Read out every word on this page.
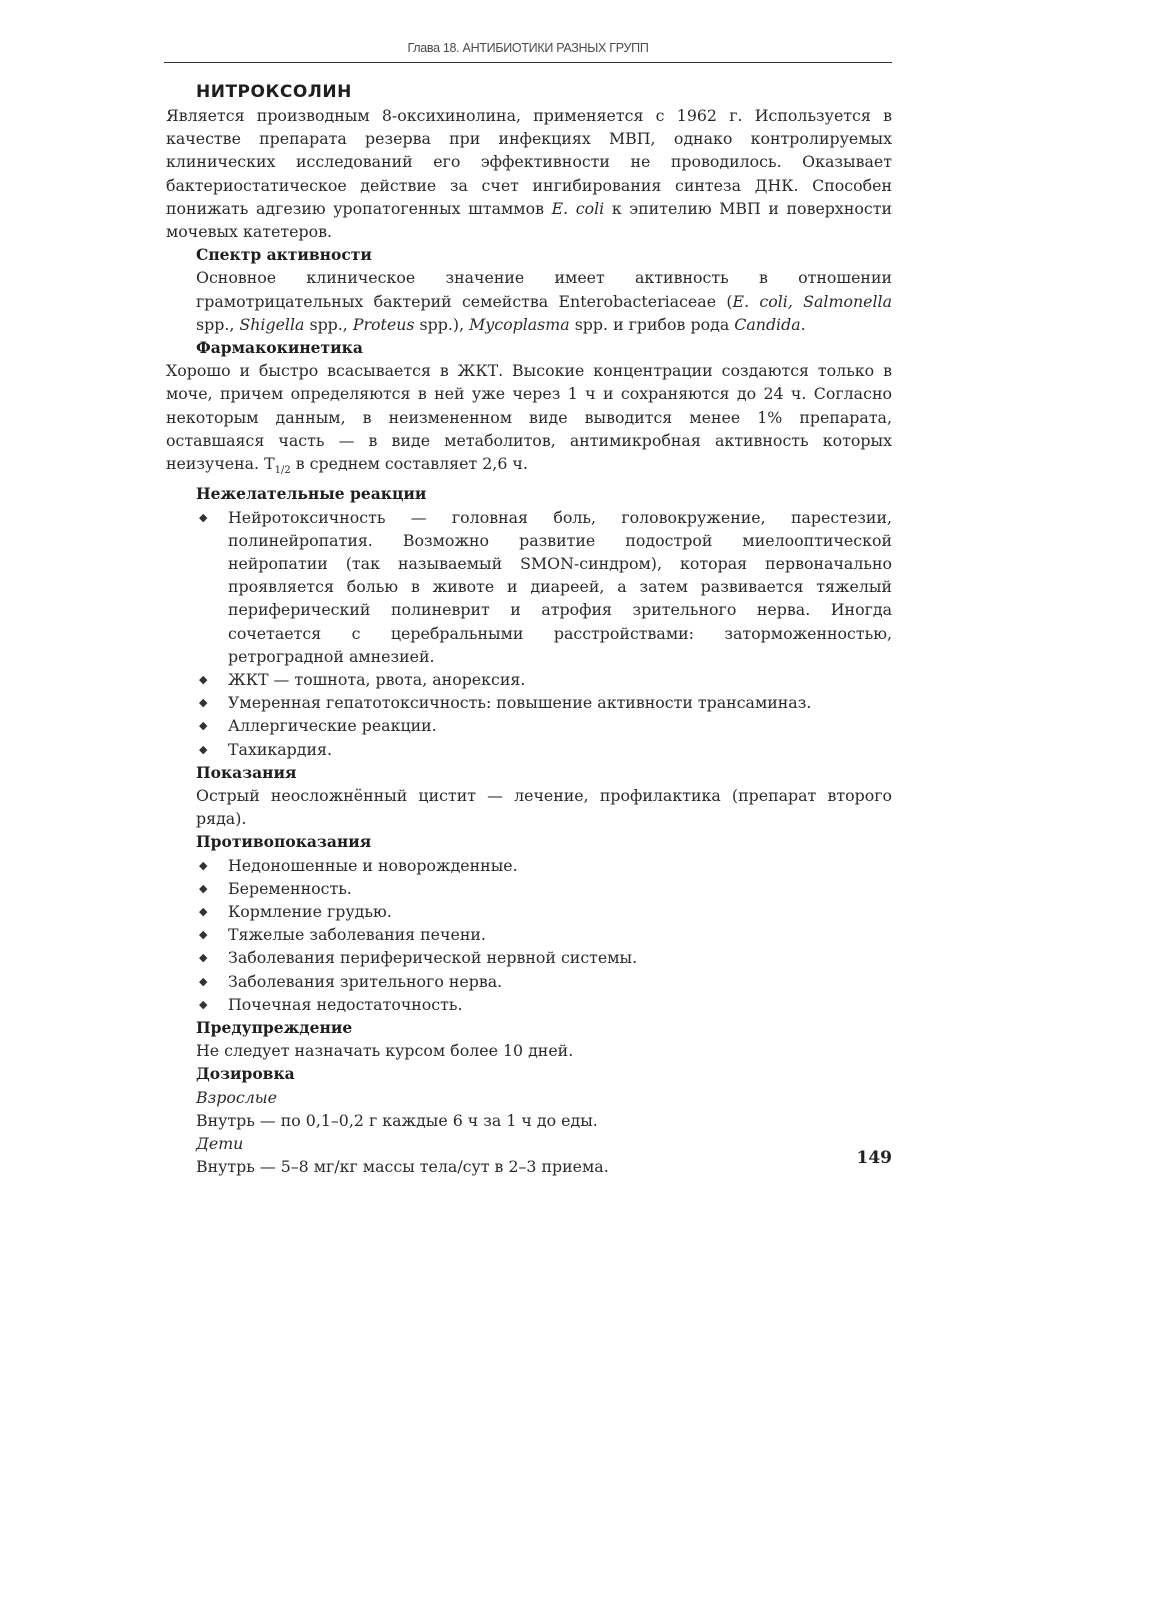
Глава 18. АНТИБИОТИКИ РАЗНЫХ ГРУПП

НИТРОКСОЛИН

Является производным 8-оксихинолина, применяется с 1962 г. Используется в качестве препарата резерва при инфекциях МВП, однако контролируемых клинических исследований его эффективности не проводилось. Оказывает бактериостатическое действие за счет ингибирования синтеза ДНК. Способен понижать адгезию уропатогенных штаммов E. coli к эпителию МВП и поверхности мочевых катетеров.

Спектр активности

Основное клиническое значение имеет активность в отношении грамотрицательных бактерий семейства Enterobacteriaceae (E. coli, Salmonella spp., Shigella spp., Proteus spp.), Mycoplasma spp. и грибов рода Candida.

Фармакокинетика

Хорошо и быстро всасывается в ЖКТ. Высокие концентрации создаются только в моче, причем определяются в ней уже через 1 ч и сохраняются до 24 ч. Согласно некоторым данным, в неизмененном виде выводится менее 1% препарата, оставшаяся часть — в виде метаболитов, антимикробная активность которых неизучена. $Т_{1/2}$ в среднем составляет 2,6 ч.

Нежелательные реакции
◆ Нейротоксичность — головная боль, головокружение, парестезии, полинейропатия. Возможно развитие подострой миелооптической нейропатии (так называемый SMON-синдром), которая первоначально проявляется болью в животе и диареей, а затем развивается тяжелый периферический полиневрит и атрофия зрительного нерва. Иногда сочетается с церебральными расстройствами: заторможенностью, ретроградной амнезией.
◆ ЖКТ — тошнота, рвота, анорексия.
◆ Умеренная гепатотоксичность: повышение активности трансаминаз.
◆ Аллергические реакции.
◆ Тахикардия.
Показания

Острый неосложнённый цистит — лечение, профилактика (препарат второго ряда).

Противопоказания
◆ Недоношенные и новорожденные.
◆ Беременность.
◆ Кормление грудью.
◆ Тяжелые заболевания печени.
◆ Заболевания периферической нервной системы.
◆ Заболевания зрительного нерва.
◆ Почечная недостаточность.
Предупреждение

Не следует назначать курсом более 10 дней.

Дозировка

Взрослые

Внутрь — по 0,1–0,2 г каждые 6 ч за 1 ч до еды.

Дети

Внутрь — 5–8 мг/кг массы тела/сут в 2–3 приема.	149
